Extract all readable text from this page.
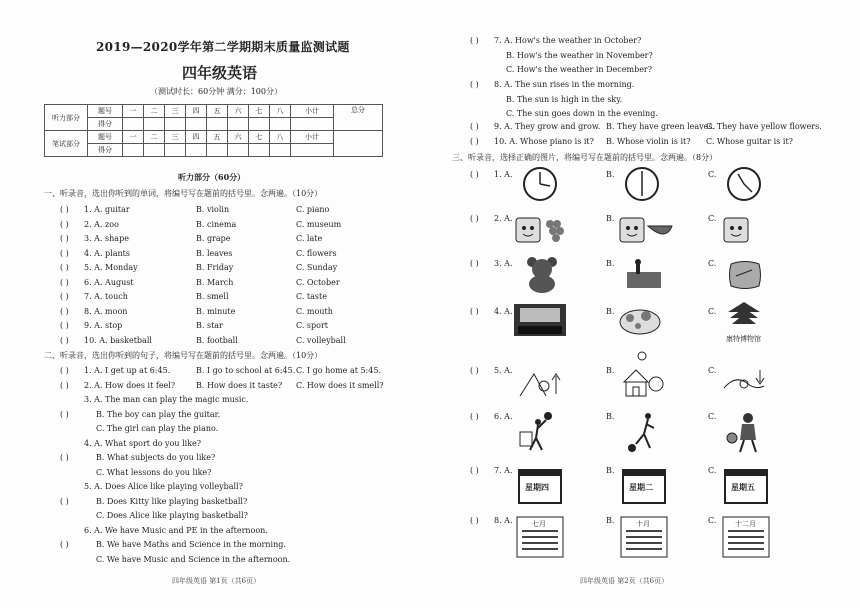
2019—2020学年第二学期期末质量监测试题
四年级英语
（测试时长：60分钟 满分：100分）
听力部分	题号	一	二	三	四	五	六	七	八	小计	总分
	得分										
笔试部分	题号	一	二	三	四	五	六	七	八	小计	
	得分										
听力部分（60分）
一、听录音，选出你听到的单词，将编号写在题前的括号里。念两遍。（10分）
( ) 1. A. guitar	B. violin	C. piano
( ) 2. A. zoo	B. cinema	C. museum
( ) 3. A. shape	B. grape	C. late
( ) 4. A. plants	B. leaves	C. flowers
( ) 5. A. Monday	B. Friday	C. Sunday
( ) 6. A. August	B. March	C. October
( ) 7. A. touch	B. smell	C. taste
( ) 8. A. moon	B. minute	C. mouth
( ) 9. A. stop	B. star	C. sport
( ) 10. A. basketball	B. football	C. volleyball
二、听录音，选出你听到的句子，将编号写在题前的括号里。念两遍。（10分）
( ) 1. A. I get up at 6:45.	B. I go to school at 6:45. C. I go home at 5:45.
( ) 2. A. How does it feel?	B. How does it taste? C. How does it smell?
( )
3. A. The man can play the magic music.
B. The boy can play the guitar.
C. The girl can play the piano.
( )
4. A. What sport do you like?
B. What subjects do you like?
C. What lessons do you like?
( )
5. A. Does Alice like playing volleyball?
B. Does Kitty like playing basketball?
C. Does Alice like playing basketball?
( )
6. A. We have Music and PE in the afternoon.
B. We have Maths and Science in the morning.
C. We have Music and Science in the afternoon.
四年级英语 第1页（共6页）
( ) 7. A. How's the weather in October?
B. How's the weather in November?
C. How's the weather in December?
( ) 8. A. The sun rises in the morning.
B. The sun is high in the sky.
C. The sun goes down in the evening.
( ) 9. A. They grow and grow. B. They have green leaves.
C. They have yellow flowers.
( ) 10. A. Whose piano is it? B. Whose violin is it? C. Whose guitar is it?
三、听录音，选择正确的图片，将编号写在题前的括号里。念两遍。（8分）
( ) 1. A.	B.	C.
( ) 2. A.	B.	C.
( ) 3. A.	B.	C.
( ) 4. A.	B.	C.
( ) 5. A.	B.	C.
( ) 6. A.	B.	C.
( ) 7. A.	B.	C.
( ) 8. A.	B.	C.
康特博物馆
星期四	星期二	星期五
七月	十月	十二月
四年级英语 第2页（共6页）
